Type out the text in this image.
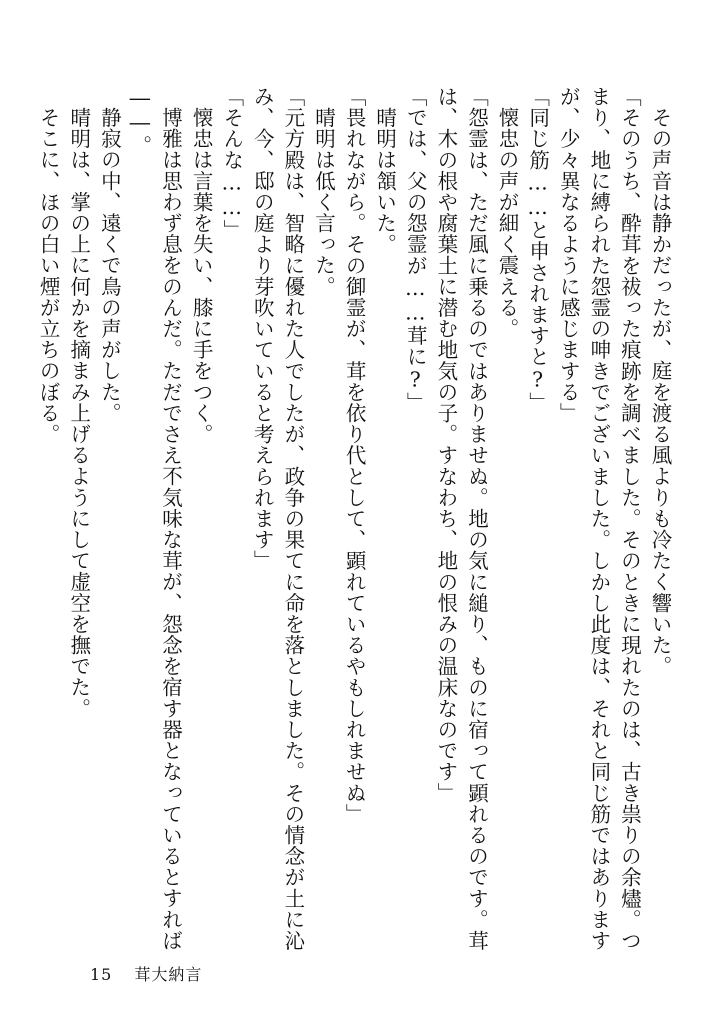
その声音は静かだったが、庭を渡る風よりも冷たく響いた。

「そのうち、酔茸を祓った痕跡を調べました。そのときに現れたのは、古き祟りの余燼。つまり、地に縛られた怨霊の呻きでございました。しかし此度は、それと同じ筋ではありますが、少々異なるように感じまする」

「同じ筋……と申されますと?」

懐忠の声が細く震える。

「怨霊は、ただ風に乗るのではありませぬ。地の気に縋り、ものに宿って顕れるのです。茸は、木の根や腐葉土に潜む地気の子。すなわち、地の恨みの温床なのです」

「では、父の怨霊が……茸に?」

晴明は頷いた。

「畏れながら。その御霊が、茸を依り代として、顕れているやもしれませぬ」

晴明は低く言った。

「元方殿は、智略に優れた人でしたが、政争の果てに命を落としました。その情念が土に沁み、今、邸の庭より芽吹いていると考えられます」

「そんな……」

懐忠は言葉を失い、膝に手をつく。

博雅は思わず息をのんだ。ただでさえ不気味な茸が、怨念を宿す器となっているとすれば――。

静寂の中、遠くで鳥の声がした。

晴明は、掌の上に何かを摘まみ上げるようにして虚空を撫でた。

そこに、ほの白い煙が立ちのぼる。

15 茸大納言
